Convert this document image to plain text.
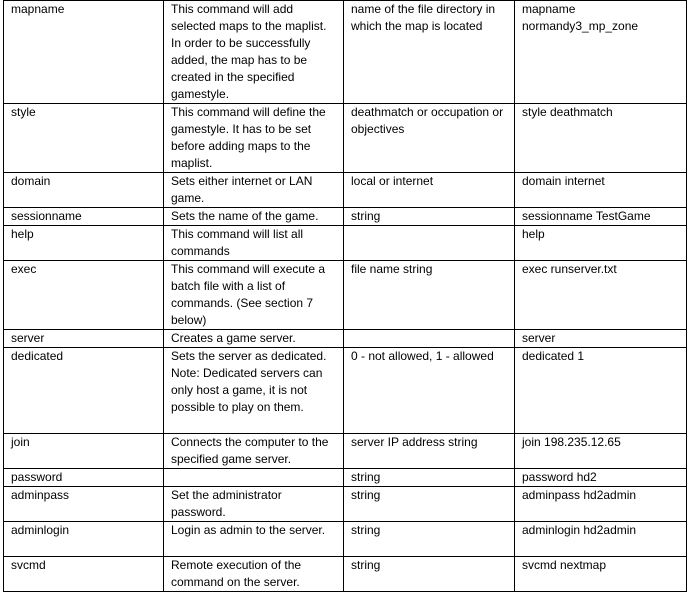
mapname	This command will add selected maps to the maplist. In order to be successfully added, the map has to be created in the specified gamestyle.	name of the file directory in which the map is located	mapname normandy3_mp_zone
style	This command will define the gamestyle. It has to be set before adding maps to the maplist.	deathmatch or occupation or objectives	style deathmatch
domain	Sets either internet or LAN game.	local or internet	domain internet
sessionname	Sets the name of the game.	string	sessionname TestGame
help	This command will list all commands		help
exec	This command will execute a batch file with a list of commands. (See section 7 below)	file name string	exec runserver.txt
server	Creates a game server.		server
dedicated	Sets the server as dedicated. Note: Dedicated servers can only host a game, it is not possible to play on them.	0 - not allowed, 1 - allowed	dedicated 1
join	Connects the computer to the specified game server.	server IP address string	join 198.235.12.65
password		string	password hd2
adminpass	Set the administrator password.	string	adminpass hd2admin
adminlogin	Login as admin to the server.	string	adminlogin hd2admin
svcmd	Remote execution of the command on the server.	string	svcmd nextmap
